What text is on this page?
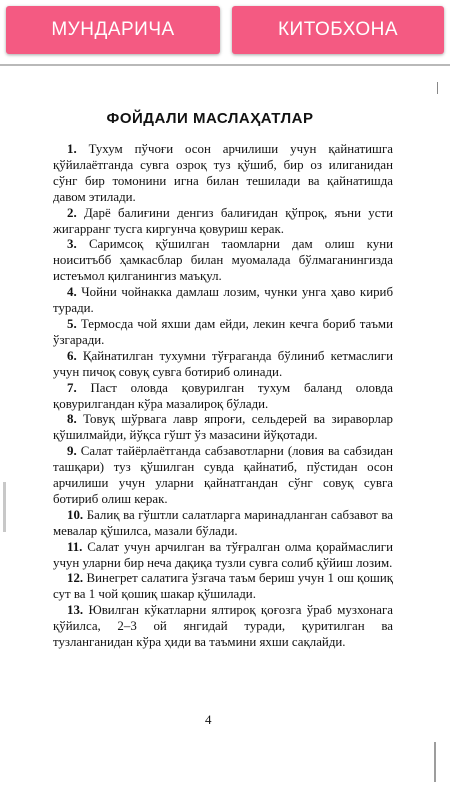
МУНДАРИЧА	КИТОБХОНА
ФОЙДАЛИ МАСЛАҲАТЛАР

1. Тухум пўчоғи осон арчилиши учун қайнатишга қўйилаётганда сувга озроқ туз қўшиб, бир оз илиганидан сўнг бир томонини игна билан тешилади ва қайнатишда давом этилади.

2. Дарё балиғини денгиз балиғидан қўпроқ, яъни усти жигарранг тусга киргунча қовуриш керак.

3. Саримсоқ қўшилган таомларни дам олиш куни ноиситъбб ҳамкасблар билан муомалада бўлмаганингизда истеъмол қилганингиз маъқул.

4. Чойни чойнакка дамлаш лозим, чунки унга ҳаво кириб туради.

5. Термосда чой яхши дам ейди, лекин кечга бориб таъми ўзгаради.

6. Қайнатилган тухумни тўғраганда бўлиниб кетмаслиги учун пичоқ совуқ сувга ботириб олинади.

7. Паст оловда қовурилган тухум баланд оловда қовурилгандан кўра мазалироқ бўлади.

8. Товуқ шўрвага лавр япроғи, сельдерей ва зираворлар қўшилмайди, йўқса гўшт ўз мазасини йўқотади.

9. Салат тайёрлаётганда сабзавотларни (ловия ва сабзидан ташқари) туз қўшилган сувда қайнатиб, пўстидан осон арчилиши учун уларни қайнатгандан сўнг совуқ сувга ботириб олиш керак.

10. Балиқ ва гўштли салатларга маринадланган сабзавот ва мевалар қўшилса, мазали бўлади.

11. Салат учун арчилган ва тўғралган олма қораймаслиги учун уларни бир неча дақиқа тузли сувга солиб қўйиш лозим.

12. Винегрет салатига ўзгача таъм бериш учун 1 ош қошиқ сут ва 1 чой қошиқ шакар қўшилади.

13. Ювилган кўкатларни ялтироқ қоғозга ўраб музхонага қўйилса, 2–3 ой янгидай туради, қуритилган ва тузланганидан кўра ҳиди ва таъмини яхши сақлайди.

4
